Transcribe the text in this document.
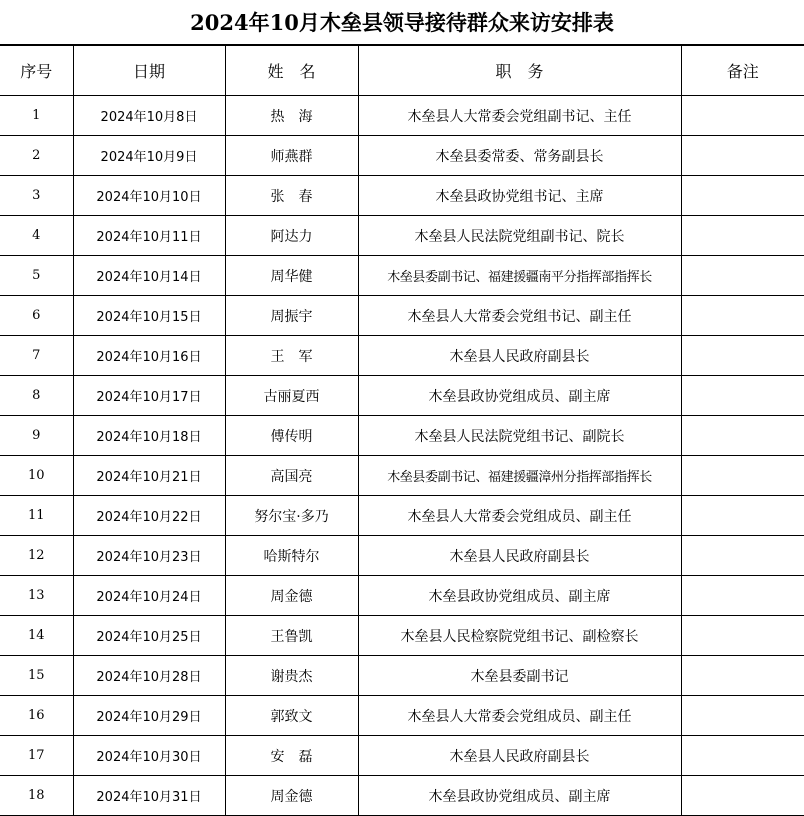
2024年10月木垒县领导接待群众来访安排表
序号	日期	姓　名	职　务	备注
1	2024年10月8日	热　海	木垒县人大常委会党组副书记、主任	
2	2024年10月9日	师燕群	木垒县委常委、常务副县长	
3	2024年10月10日	张　春	木垒县政协党组书记、主席	
4	2024年10月11日	阿达力	木垒县人民法院党组副书记、院长	
5	2024年10月14日	周华健	木垒县委副书记、福建援疆南平分指挥部指挥长	
6	2024年10月15日	周振宇	木垒县人大常委会党组书记、副主任	
7	2024年10月16日	王　军	木垒县人民政府副县长	
8	2024年10月17日	古丽夏西	木垒县政协党组成员、副主席	
9	2024年10月18日	傅传明	木垒县人民法院党组书记、副院长	
10	2024年10月21日	高国亮	木垒县委副书记、福建援疆漳州分指挥部指挥长	
11	2024年10月22日	努尔宝·多乃	木垒县人大常委会党组成员、副主任	
12	2024年10月23日	哈斯特尔	木垒县人民政府副县长	
13	2024年10月24日	周金德	木垒县政协党组成员、副主席	
14	2024年10月25日	王鲁凯	木垒县人民检察院党组书记、副检察长	
15	2024年10月28日	谢贵杰	木垒县委副书记	
16	2024年10月29日	郭致文	木垒县人大常委会党组成员、副主任	
17	2024年10月30日	安　磊	木垒县人民政府副县长	
18	2024年10月31日	周金德	木垒县政协党组成员、副主席	
